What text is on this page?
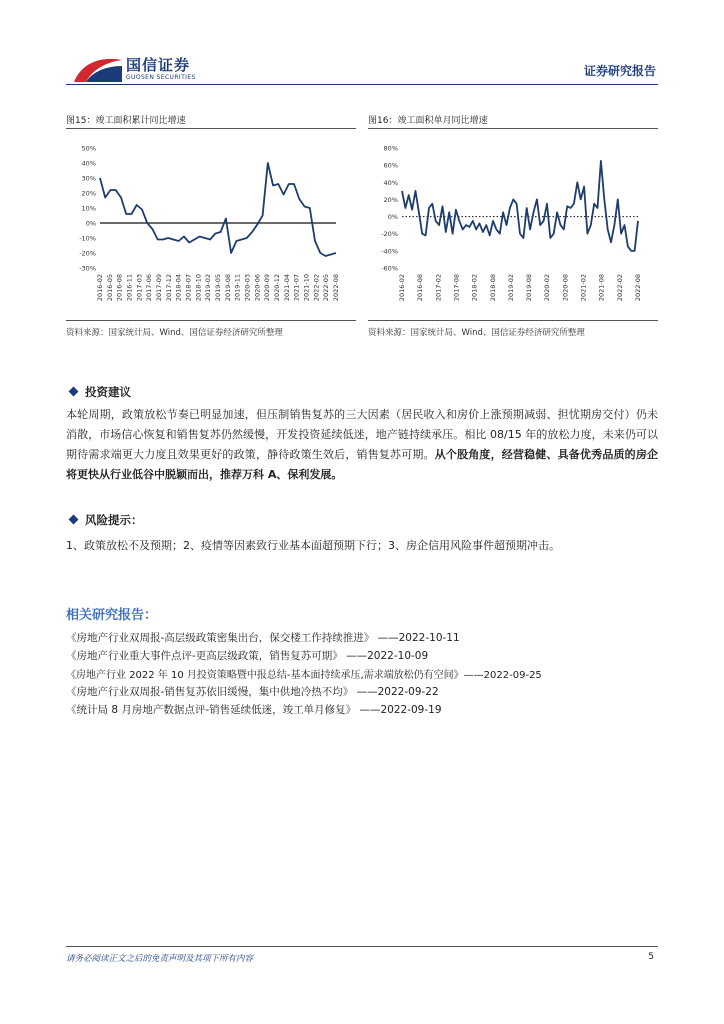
国信证券
GUOSEN SECURITIES	证券研究报告
图15：竣工面积累计同比增速
50%
40%
30%
20%
10%
0%
-10%
-20%
-30%
2016-02 2016-05 2016-08 2016-11 2017-03 2017-06 2017-09 2017-12 2018-04 2018-07 2018-10 2019-02 2019-05 2019-08 2019-11 2020-03 2020-06 2020-09 2020-12 2021-04 2021-07 2021-10 2022-02 2022-05 2022-08
资料来源：国家统计局、Wind、国信证券经济研究所整理
图16：竣工面积单月同比增速
80%
60%
40%
20%
0%
-20%
-40%
-60%
2016-02 2016-08 2017-02 2017-08 2018-02 2018-08 2019-02 2019-08 2020-02 2020-08 2021-02 2021-08 2022-02 2022-08
资料来源：国家统计局、Wind、国信证券经济研究所整理
投资建议
本轮周期，政策放松节奏已明显加速，但压制销售复苏的三大因素（居民收入和房价上涨预期减弱、担忧期房交付）仍未消散，市场信心恢复和销售复苏仍然缓慢，开发投资延续低迷，地产链持续承压。相比 08/15 年的放松力度，未来仍可以期待需求端更大力度且效果更好的政策，静待政策生效后，销售复苏可期。从个股角度，经营稳健、具备优秀品质的房企将更快从行业低谷中脱颖而出，推荐万科 A、保利发展。
风险提示：
1、政策放松不及预期；2、疫情等因素致行业基本面超预期下行；3、房企信用风险事件超预期冲击。
相关研究报告：
《房地产行业双周报-高层级政策密集出台，保交楼工作持续推进》 ——2022-10-11
《房地产行业重大事件点评-更高层级政策，销售复苏可期》 ——2022-10-09
《房地产行业 2022 年 10 月投资策略暨中报总结-基本面持续承压,需求端放松仍有空间》——2022-09-25
《房地产行业双周报-销售复苏依旧缓慢，集中供地冷热不均》 ——2022-09-22
《统计局 8 月房地产数据点评-销售延续低迷，竣工单月修复》 ——2022-09-19
请务必阅读正文之后的免责声明及其项下所有内容	5
